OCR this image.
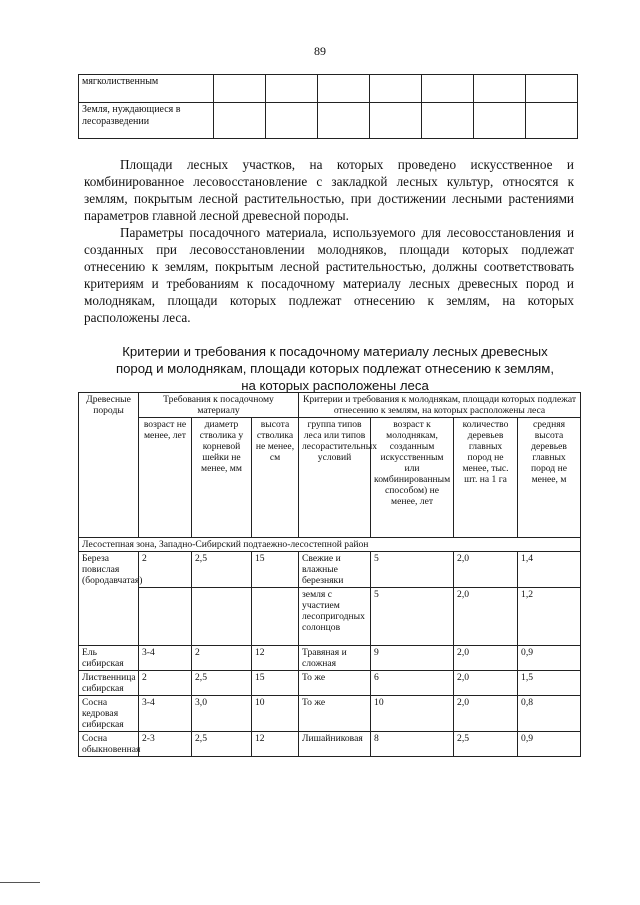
89
мягколиственным							
Земля, нуждающиеся в лесоразведении							

Площади лесных участков, на которых проведено искусственное и комбинированное лесовосстановление с закладкой лесных культур, относятся к землям, покрытым лесной растительностью, при достижении лесными растениями параметров главной лесной древесной породы.

Параметры посадочного материала, используемого для лесовосстановления и созданных при лесовосстановлении молодняков, площади которых подлежат отнесению к землям, покрытым лесной растительностью, должны соответствовать критериям и требованиям к посадочному материалу лесных древесных пород и молоднякам, площади которых подлежат отнесению к землям, на которых расположены леса.

Критерии и требования к посадочному материалу лесных древесных пород и молоднякам, площади которых подлежат отнесению к землям, на которых расположены леса
Древесные породы	Требования к посадочному материалу			Критерии и требования к молоднякам, площади которых подлежат отнесению к землям, на которых расположены леса			
	возраст не менее, лет	диаметр стволика у корневой шейки не менее, мм	высота стволика не менее, см	группа типов леса или типов лесорастительных условий	возраст к молоднякам, созданным искусственным или комбинированным способом) не менее, лет	количество деревьев главных пород не менее, тыс. шт. на 1 га	средняя высота деревьев главных пород не менее, м
Лесостепная зона, Западно-Сибирский подтаежно-лесостепной район							
Береза повислая (бородавчатая)	2	2,5	15	Свежие и влажные березняки	5	2,0	1,4
				земля с участием лесопригодных солонцов	5	2,0	1,2
Ель сибирская	3-4	2	12	Травяная и сложная	9	2,0	0,9
Лиственница сибирская	2	2,5	15	То же	6	2,0	1,5
Сосна кедровая сибирская	3-4	3,0	10	То же	10	2,0	0,8
Сосна обыкновенная	2-3	2,5	12	Лишайниковая	8	2,5	0,9
